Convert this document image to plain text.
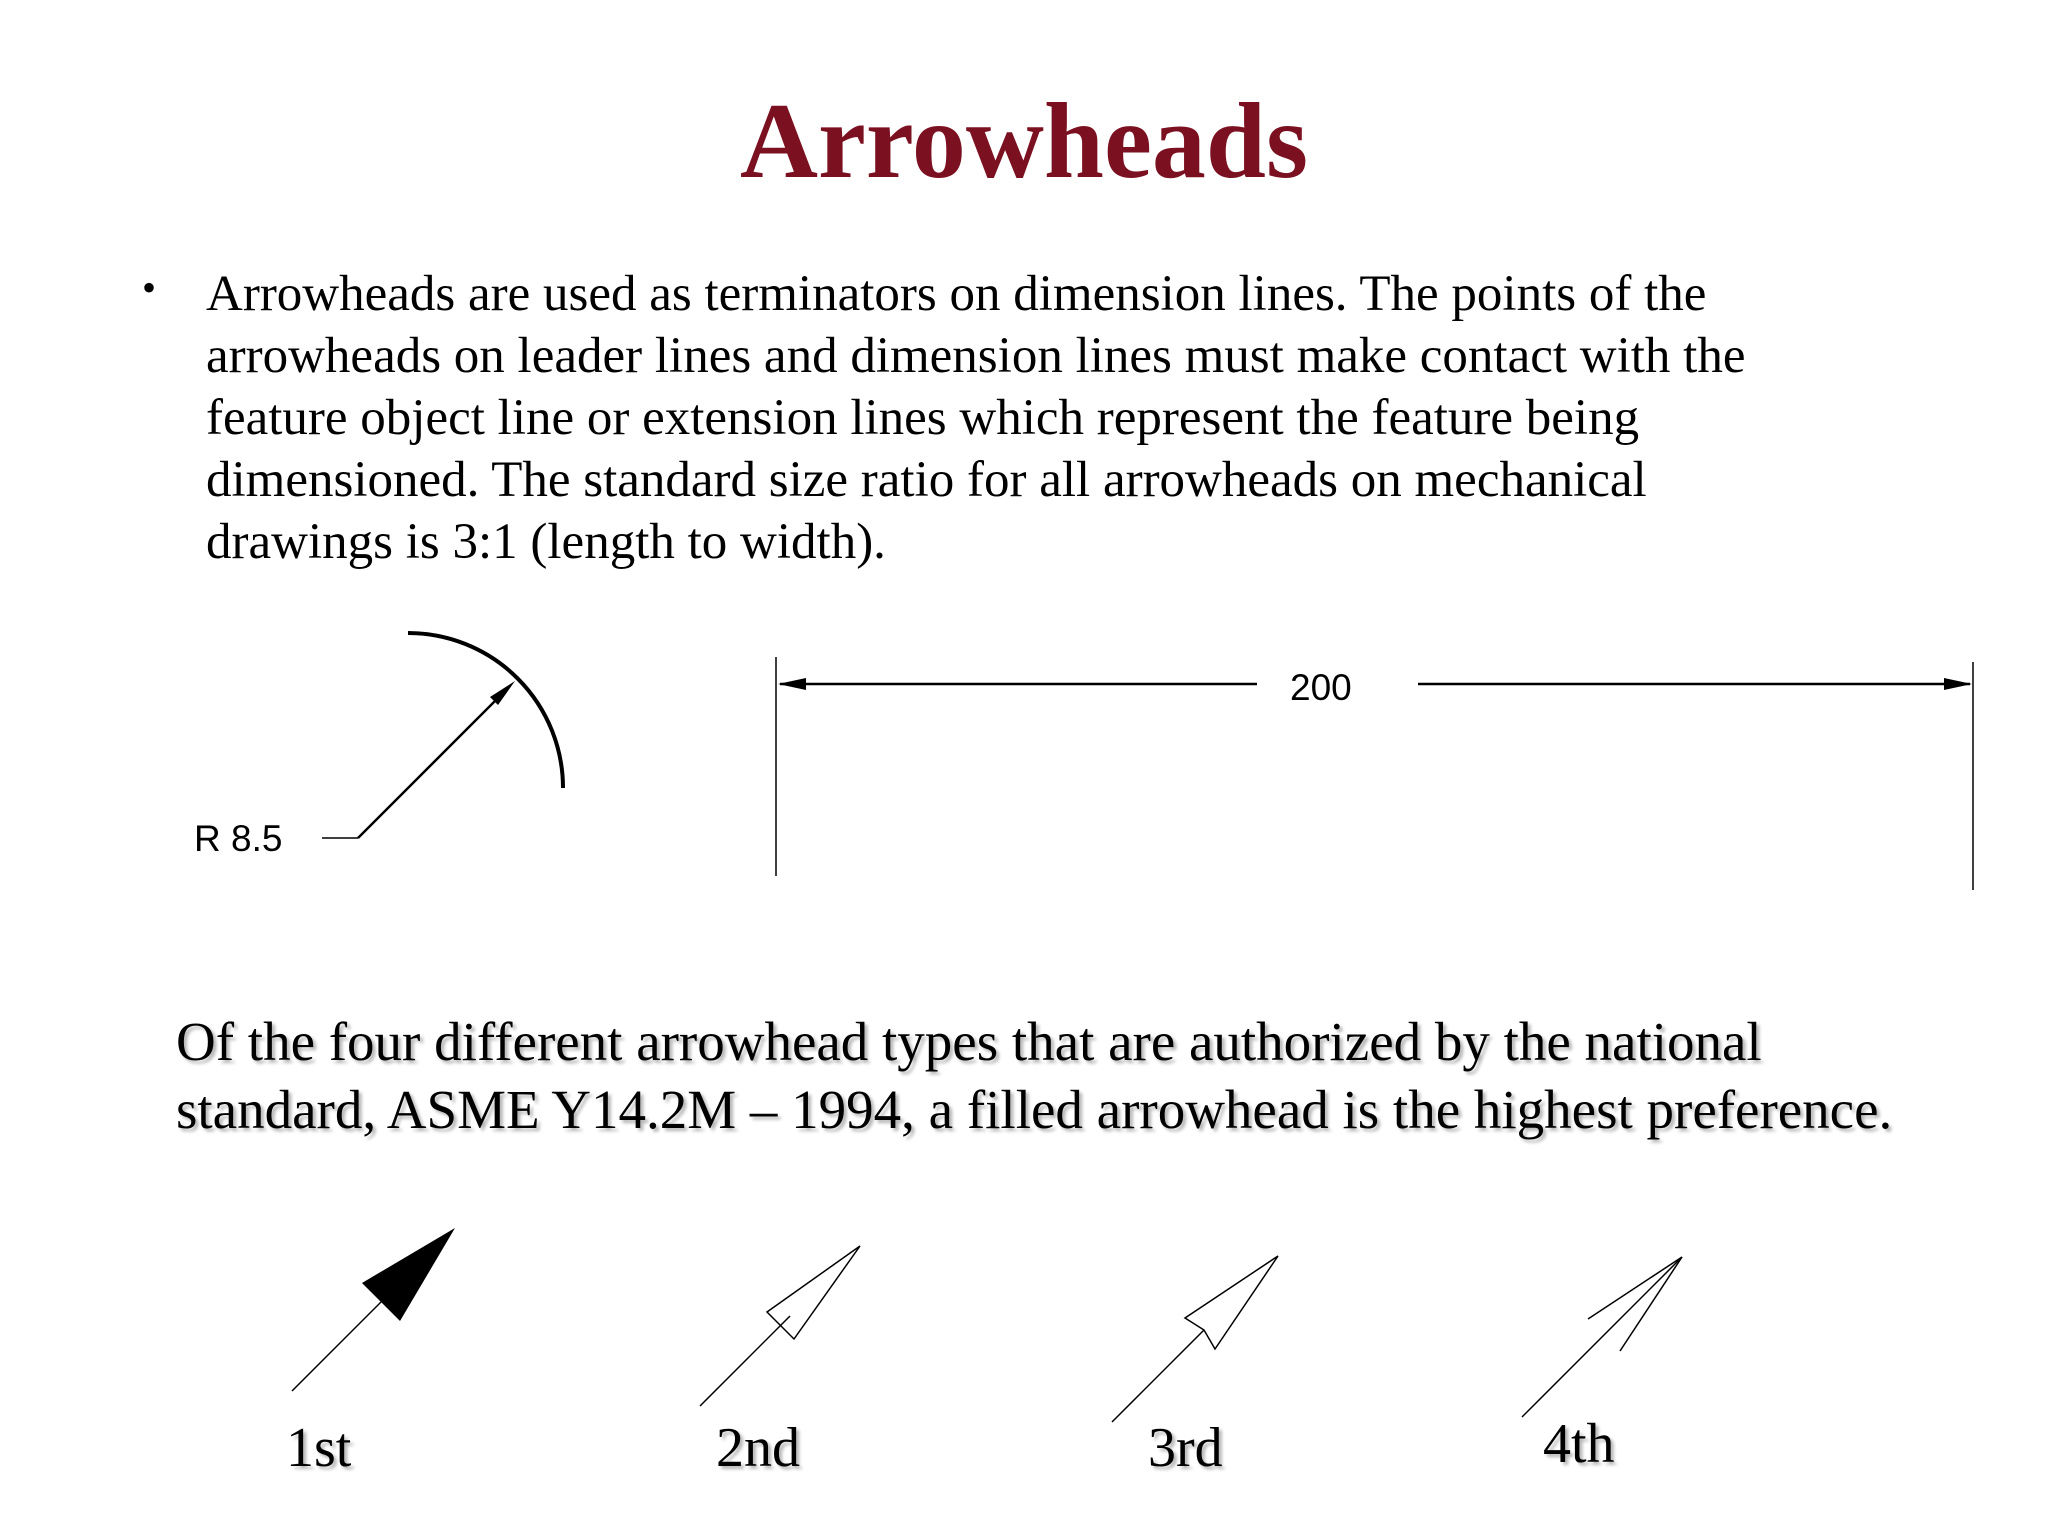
Arrowheads
• Arrowheads are used as terminators on dimension lines. The points of the
arrowheads on leader lines and dimension lines must make contact with the
feature object line or extension lines which represent the feature being
dimensioned. The standard size ratio for all arrowheads on mechanical
drawings is 3:1 (length to width).
R 8.5
200
Of the four different arrowhead types that are authorized by the national
standard, ASME Y14.2M – 1994, a filled arrowhead is the highest preference.
1st	2nd	3rd	4th
